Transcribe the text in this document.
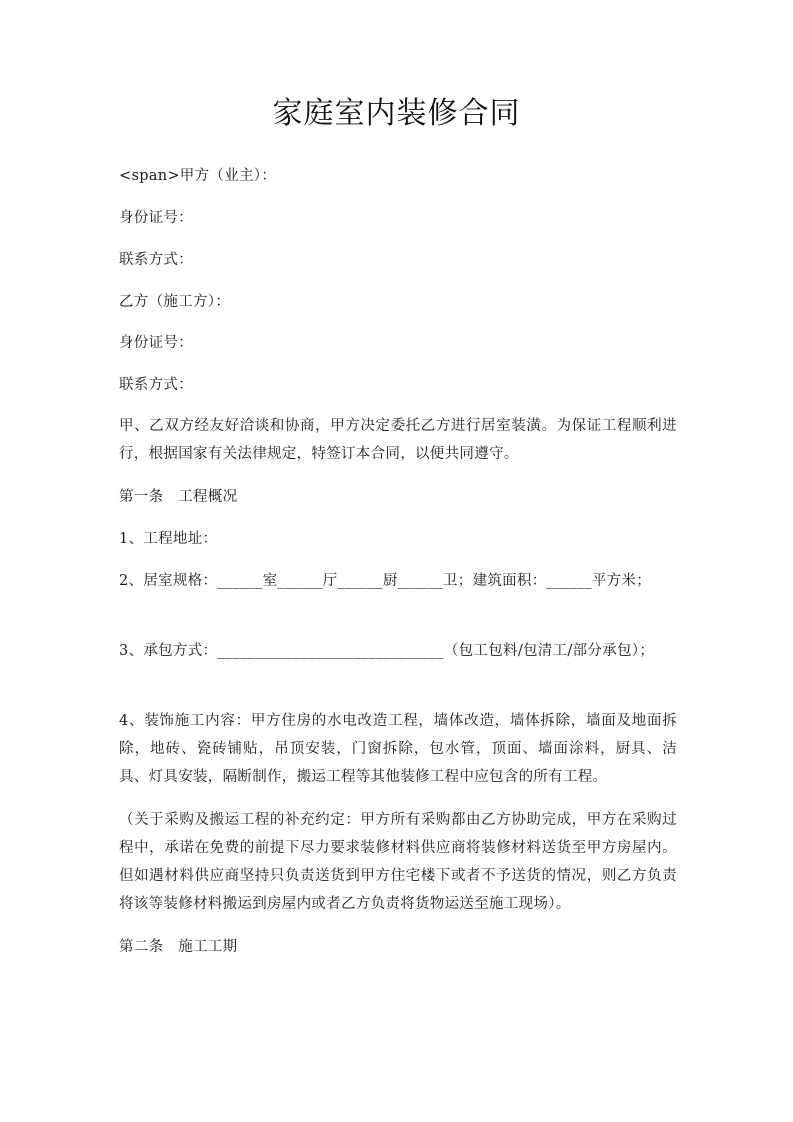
家庭室内装修合同
<span>甲方（业主）：
身份证号：
联系方式：
乙方（施工方）：
身份证号：
联系方式：
甲、乙双方经友好洽谈和协商，甲方决定委托乙方进行居室装潢。为保证工程顺利进行，根据国家有关法律规定，特签订本合同，以便共同遵守。
第一条　工程概况
1、工程地址：
2、居室规格：______室______厅______厨______卫；建筑面积：______平方米；
3、承包方式：______________________________（包工包料/包清工/部分承包）；
4、装饰施工内容：甲方住房的水电改造工程，墙体改造，墙体拆除，墙面及地面拆除，地砖、瓷砖铺贴，吊顶安装，门窗拆除，包水管，顶面、墙面涂料，厨具、洁具、灯具安装，隔断制作，搬运工程等其他装修工程中应包含的所有工程。
（关于采购及搬运工程的补充约定：甲方所有采购都由乙方协助完成，甲方在采购过程中，承诺在免费的前提下尽力要求装修材料供应商将装修材料送货至甲方房屋内。但如遇材料供应商坚持只负责送货到甲方住宅楼下或者不予送货的情况，则乙方负责将该等装修材料搬运到房屋内或者乙方负责将货物运送至施工现场）。
第二条　施工工期
